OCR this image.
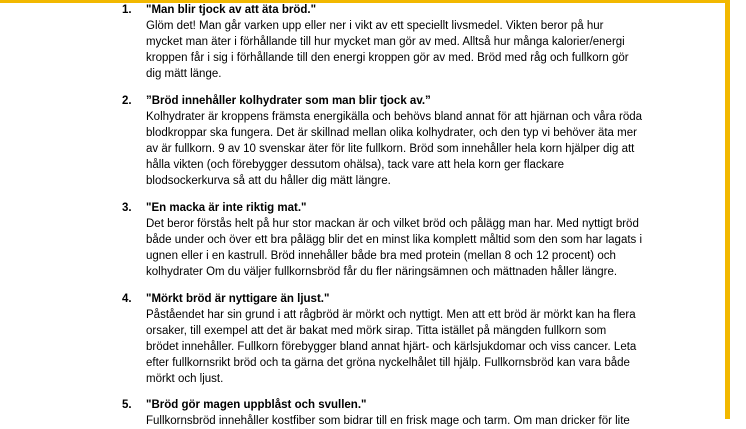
1. "Man blir tjock av att äta bröd."

Glöm det! Man går varken upp eller ner i vikt av ett speciellt livsmedel. Vikten beror på hur
mycket man äter i förhållande till hur mycket man gör av med. Alltså hur många kalorier/energi
kroppen får i sig i förhållande till den energi kroppen gör av med. Bröd med råg och fullkorn gör
dig mätt länge.

2. ”Bröd innehåller kolhydrater som man blir tjock av.”

Kolhydrater är kroppens främsta energikälla och behövs bland annat för att hjärnan och våra röda
blodkroppar ska fungera. Det är skillnad mellan olika kolhydrater, och den typ vi behöver äta mer
av är fullkorn. 9 av 10 svenskar äter för lite fullkorn. Bröd som innehåller hela korn hjälper dig att
hålla vikten (och förebygger dessutom ohälsa), tack vare att hela korn ger flackare
blodsockerkurva så att du håller dig mätt längre.

3. "En macka är inte riktig mat."

Det beror förstås helt på hur stor mackan är och vilket bröd och pålägg man har. Med nyttigt bröd
både under och över ett bra pålägg blir det en minst lika komplett måltid som den som har lagats i
ugnen eller i en kastrull. Bröd innehåller både bra med protein (mellan 8 och 12 procent) och
kolhydrater Om du väljer fullkornsbröd får du fler näringsämnen och mättnaden håller längre.

4. "Mörkt bröd är nyttigare än ljust."

Påståendet har sin grund i att rågbröd är mörkt och nyttigt. Men att ett bröd är mörkt kan ha flera
orsaker, till exempel att det är bakat med mörk sirap. Titta istället på mängden fullkorn som
brödet innehåller. Fullkorn förebygger bland annat hjärt- och kärlsjukdomar och viss cancer. Leta
efter fullkornsrikt bröd och ta gärna det gröna nyckelhålet till hjälp. Fullkornsbröd kan vara både
mörkt och ljust.

5. "Bröd gör magen uppblåst och svullen."

Fullkornsbröd innehåller kostfiber som bidrar till en frisk mage och tarm. Om man dricker för lite
